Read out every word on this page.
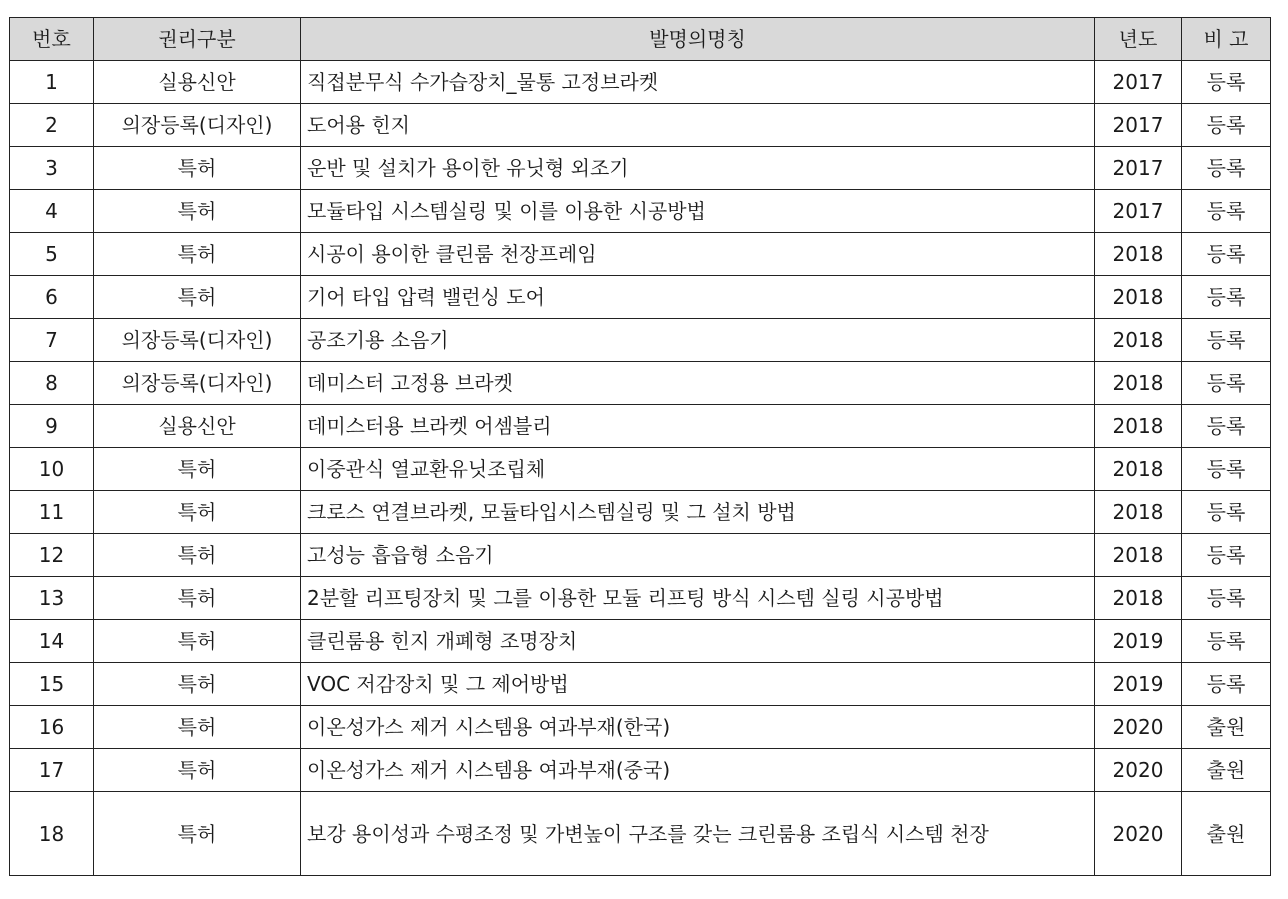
번호	권리구분	발명의명칭	년도	비 고
1	실용신안	직접분무식 수가습장치_물통 고정브라켓	2017	등록
2	의장등록(디자인)	도어용 힌지	2017	등록
3	특허	운반 및 설치가 용이한 유닛형 외조기	2017	등록
4	특허	모듈타입 시스템실링 및 이를 이용한 시공방법	2017	등록
5	특허	시공이 용이한 클린룸 천장프레임	2018	등록
6	특허	기어 타입 압력 밸런싱 도어	2018	등록
7	의장등록(디자인)	공조기용 소음기	2018	등록
8	의장등록(디자인)	데미스터 고정용 브라켓	2018	등록
9	실용신안	데미스터용 브라켓 어셈블리	2018	등록
10	특허	이중관식 열교환유닛조립체	2018	등록
11	특허	크로스 연결브라켓, 모듈타입시스템실링 및 그 설치 방법	2018	등록
12	특허	고성능 흡읍형 소음기	2018	등록
13	특허	2분할 리프팅장치 및 그를 이용한 모듈 리프팅 방식 시스템 실링 시공방법	2018	등록
14	특허	클린룸용 힌지 개폐형 조명장치	2019	등록
15	특허	VOC 저감장치 및 그 제어방법	2019	등록
16	특허	이온성가스 제거 시스템용 여과부재(한국)	2020	출원
17	특허	이온성가스 제거 시스템용 여과부재(중국)	2020	출원
18	특허	보강 용이성과 수평조정 및 가변높이 구조를 갖는 크린룸용 조립식 시스템 천장	2020	출원
